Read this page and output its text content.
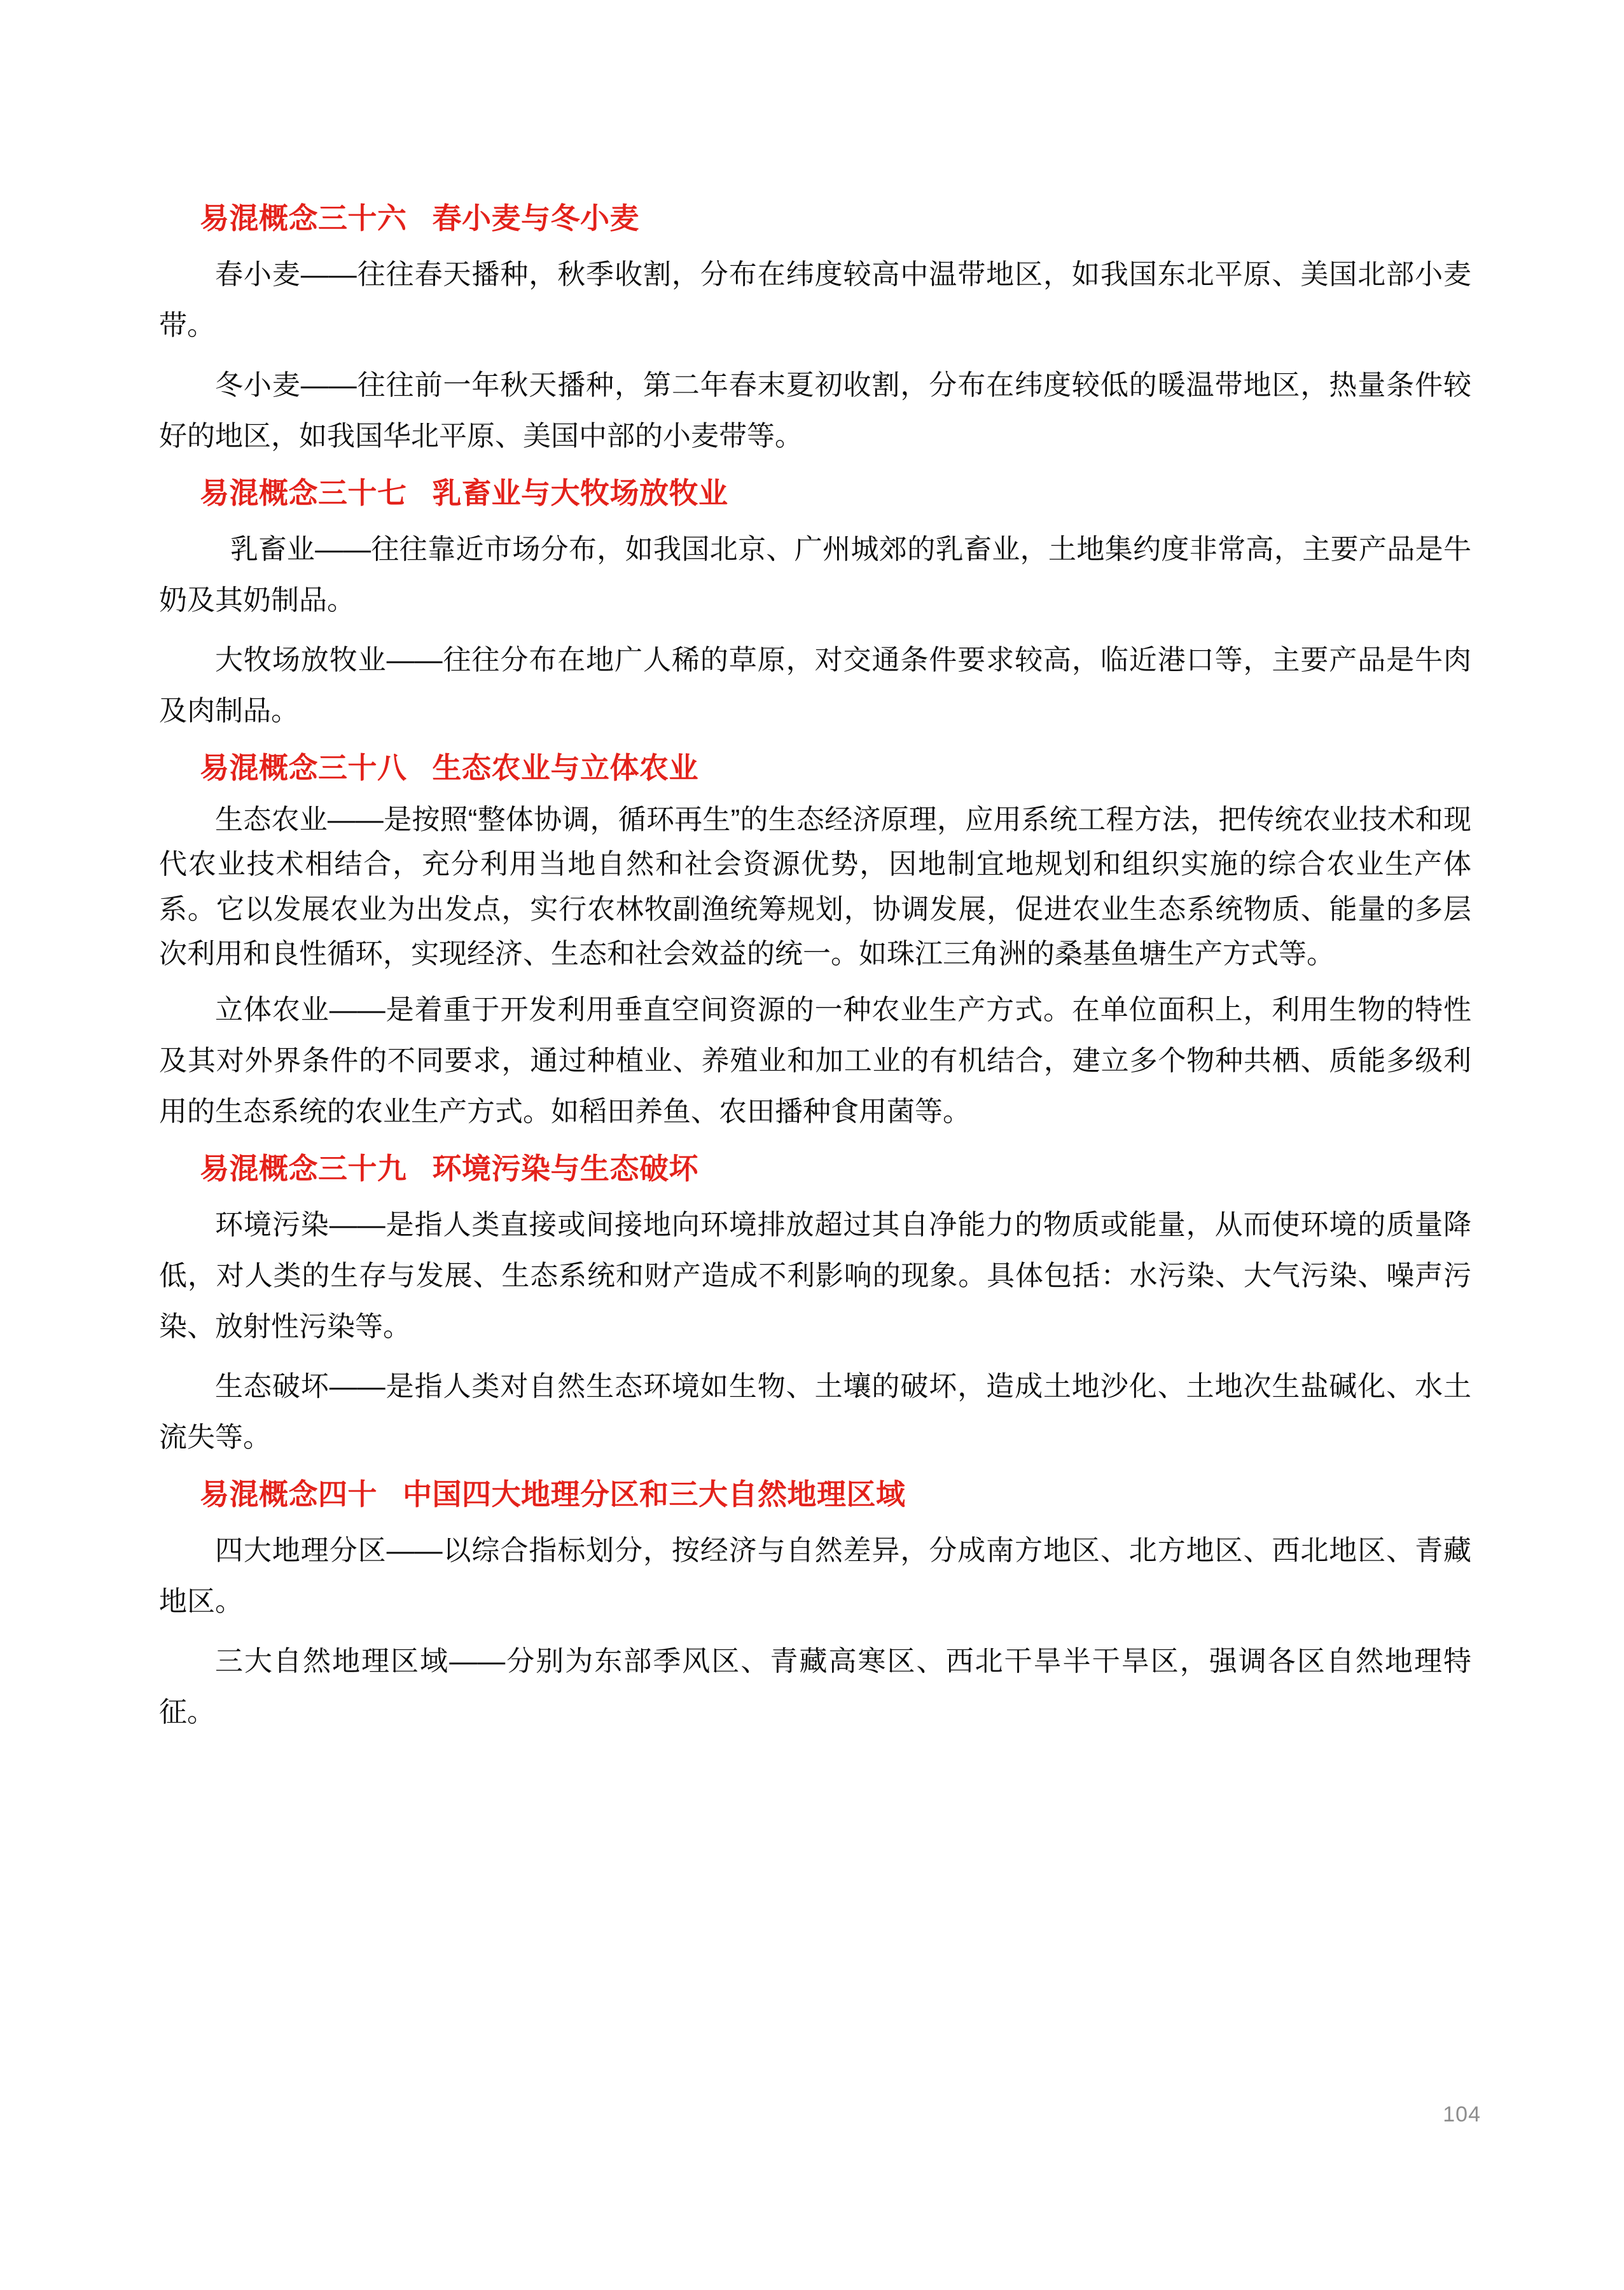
易混概念三十六 春小麦与冬小麦

春小麦——往往春天播种，秋季收割，分布在纬度较高中温带地区，如我国东北平原、美国北部小麦带。

冬小麦——往往前一年秋天播种，第二年春末夏初收割，分布在纬度较低的暖温带地区，热量条件较好的地区，如我国华北平原、美国中部的小麦带等。

易混概念三十七 乳畜业与大牧场放牧业

乳畜业——往往靠近市场分布，如我国北京、广州城郊的乳畜业，土地集约度非常高，主要产品是牛奶及其奶制品。

大牧场放牧业——往往分布在地广人稀的草原，对交通条件要求较高，临近港口等，主要产品是牛肉及肉制品。

易混概念三十八 生态农业与立体农业

生态农业——是按照“整体协调，循环再生”的生态经济原理，应用系统工程方法，把传统农业技术和现代农业技术相结合，充分利用当地自然和社会资源优势，因地制宜地规划和组织实施的综合农业生产体系。它以发展农业为出发点，实行农林牧副渔统筹规划，协调发展，促进农业生态系统物质、能量的多层次利用和良性循环，实现经济、生态和社会效益的统一。如珠江三角洲的桑基鱼塘生产方式等。

立体农业——是着重于开发利用垂直空间资源的一种农业生产方式。在单位面积上，利用生物的特性及其对外界条件的不同要求，通过种植业、养殖业和加工业的有机结合，建立多个物种共栖、质能多级利用的生态系统的农业生产方式。如稻田养鱼、农田播种食用菌等。

易混概念三十九 环境污染与生态破坏

环境污染——是指人类直接或间接地向环境排放超过其自净能力的物质或能量，从而使环境的质量降低，对人类的生存与发展、生态系统和财产造成不利影响的现象。具体包括：水污染、大气污染、噪声污染、放射性污染等。

生态破坏——是指人类对自然生态环境如生物、土壤的破坏，造成土地沙化、土地次生盐碱化、水土流失等。

易混概念四十 中国四大地理分区和三大自然地理区域

四大地理分区——以综合指标划分，按经济与自然差异，分成南方地区、北方地区、西北地区、青藏地区。

三大自然地理区域——分别为东部季风区、青藏高寒区、西北干旱半干旱区，强调各区自然地理特征。

104
